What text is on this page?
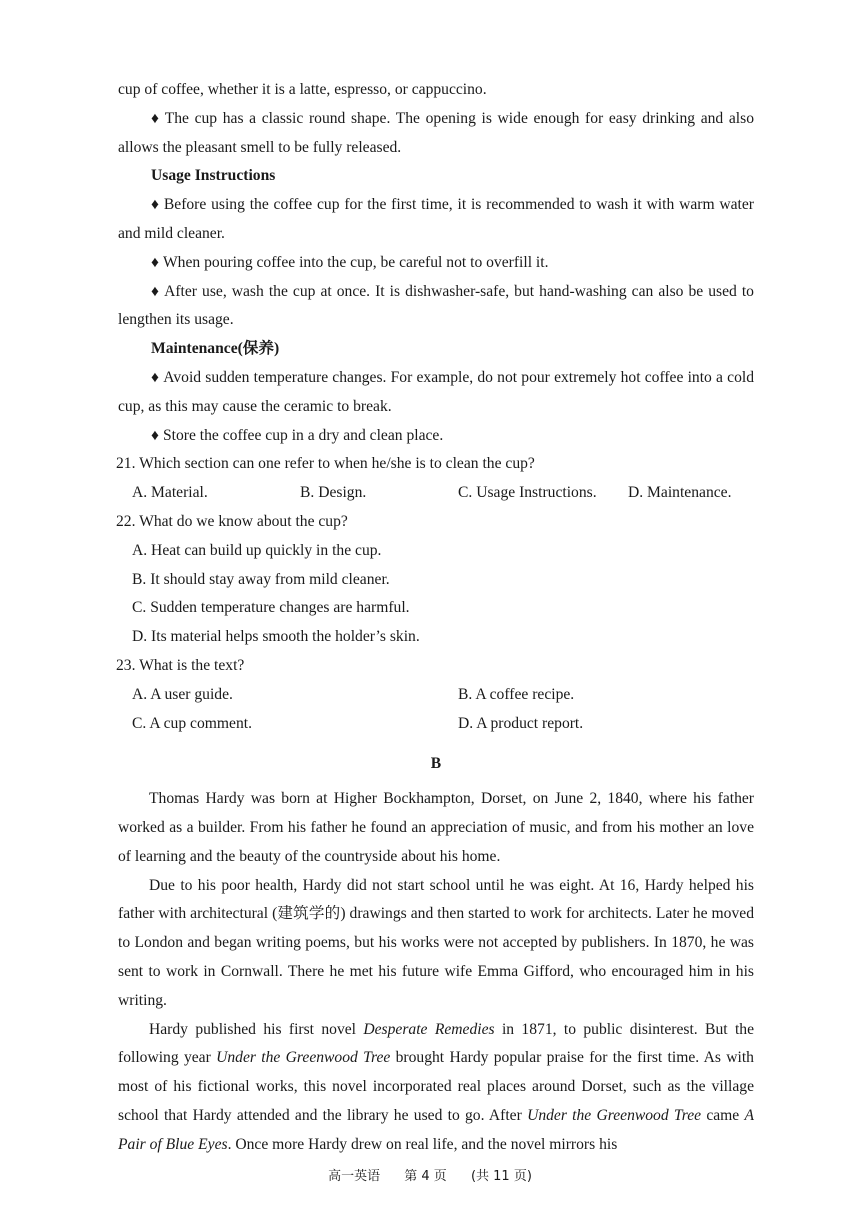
cup of coffee, whether it is a latte, espresso, or cappuccino.

♦ The cup has a classic round shape. The opening is wide enough for easy drinking and also allows the pleasant smell to be fully released.

Usage Instructions

♦ Before using the coffee cup for the first time, it is recommended to wash it with warm water and mild cleaner.

♦ When pouring coffee into the cup, be careful not to overfill it.

♦ After use, wash the cup at once. It is dishwasher-safe, but hand-washing can also be used to lengthen its usage.

Maintenance(保养)

♦ Avoid sudden temperature changes. For example, do not pour extremely hot coffee into a cold cup, as this may cause the ceramic to break.

♦ Store the coffee cup in a dry and clean place.

21. Which section can one refer to when he/she is to clean the cup?

A. Material.	B. Design.	C. Usage Instructions.	D. Maintenance.

22. What do we know about the cup?

A. Heat can build up quickly in the cup.

B. It should stay away from mild cleaner.

C. Sudden temperature changes are harmful.

D. Its material helps smooth the holder’s skin.

23. What is the text?

A. A user guide.	B. A coffee recipe.
C. A cup comment.	D. A product report.

B

Thomas Hardy was born at Higher Bockhampton, Dorset, on June 2, 1840, where his father worked as a builder. From his father he found an appreciation of music, and from his mother an love of learning and the beauty of the countryside about his home.

Due to his poor health, Hardy did not start school until he was eight. At 16, Hardy helped his father with architectural (建筑学的) drawings and then started to work for architects. Later he moved to London and began writing poems, but his works were not accepted by publishers. In 1870, he was sent to work in Cornwall. There he met his future wife Emma Gifford, who encouraged him in his writing.

Hardy published his first novel Desperate Remedies in 1871, to public disinterest. But the following year Under the Greenwood Tree brought Hardy popular praise for the first time. As with most of his fictional works, this novel incorporated real places around Dorset, such as the village school that Hardy attended and the library he used to go. After Under the Greenwood Tree came A Pair of Blue Eyes. Once more Hardy drew on real life, and the novel mirrors his

高一英语 第 4 页 (共 11 页)
